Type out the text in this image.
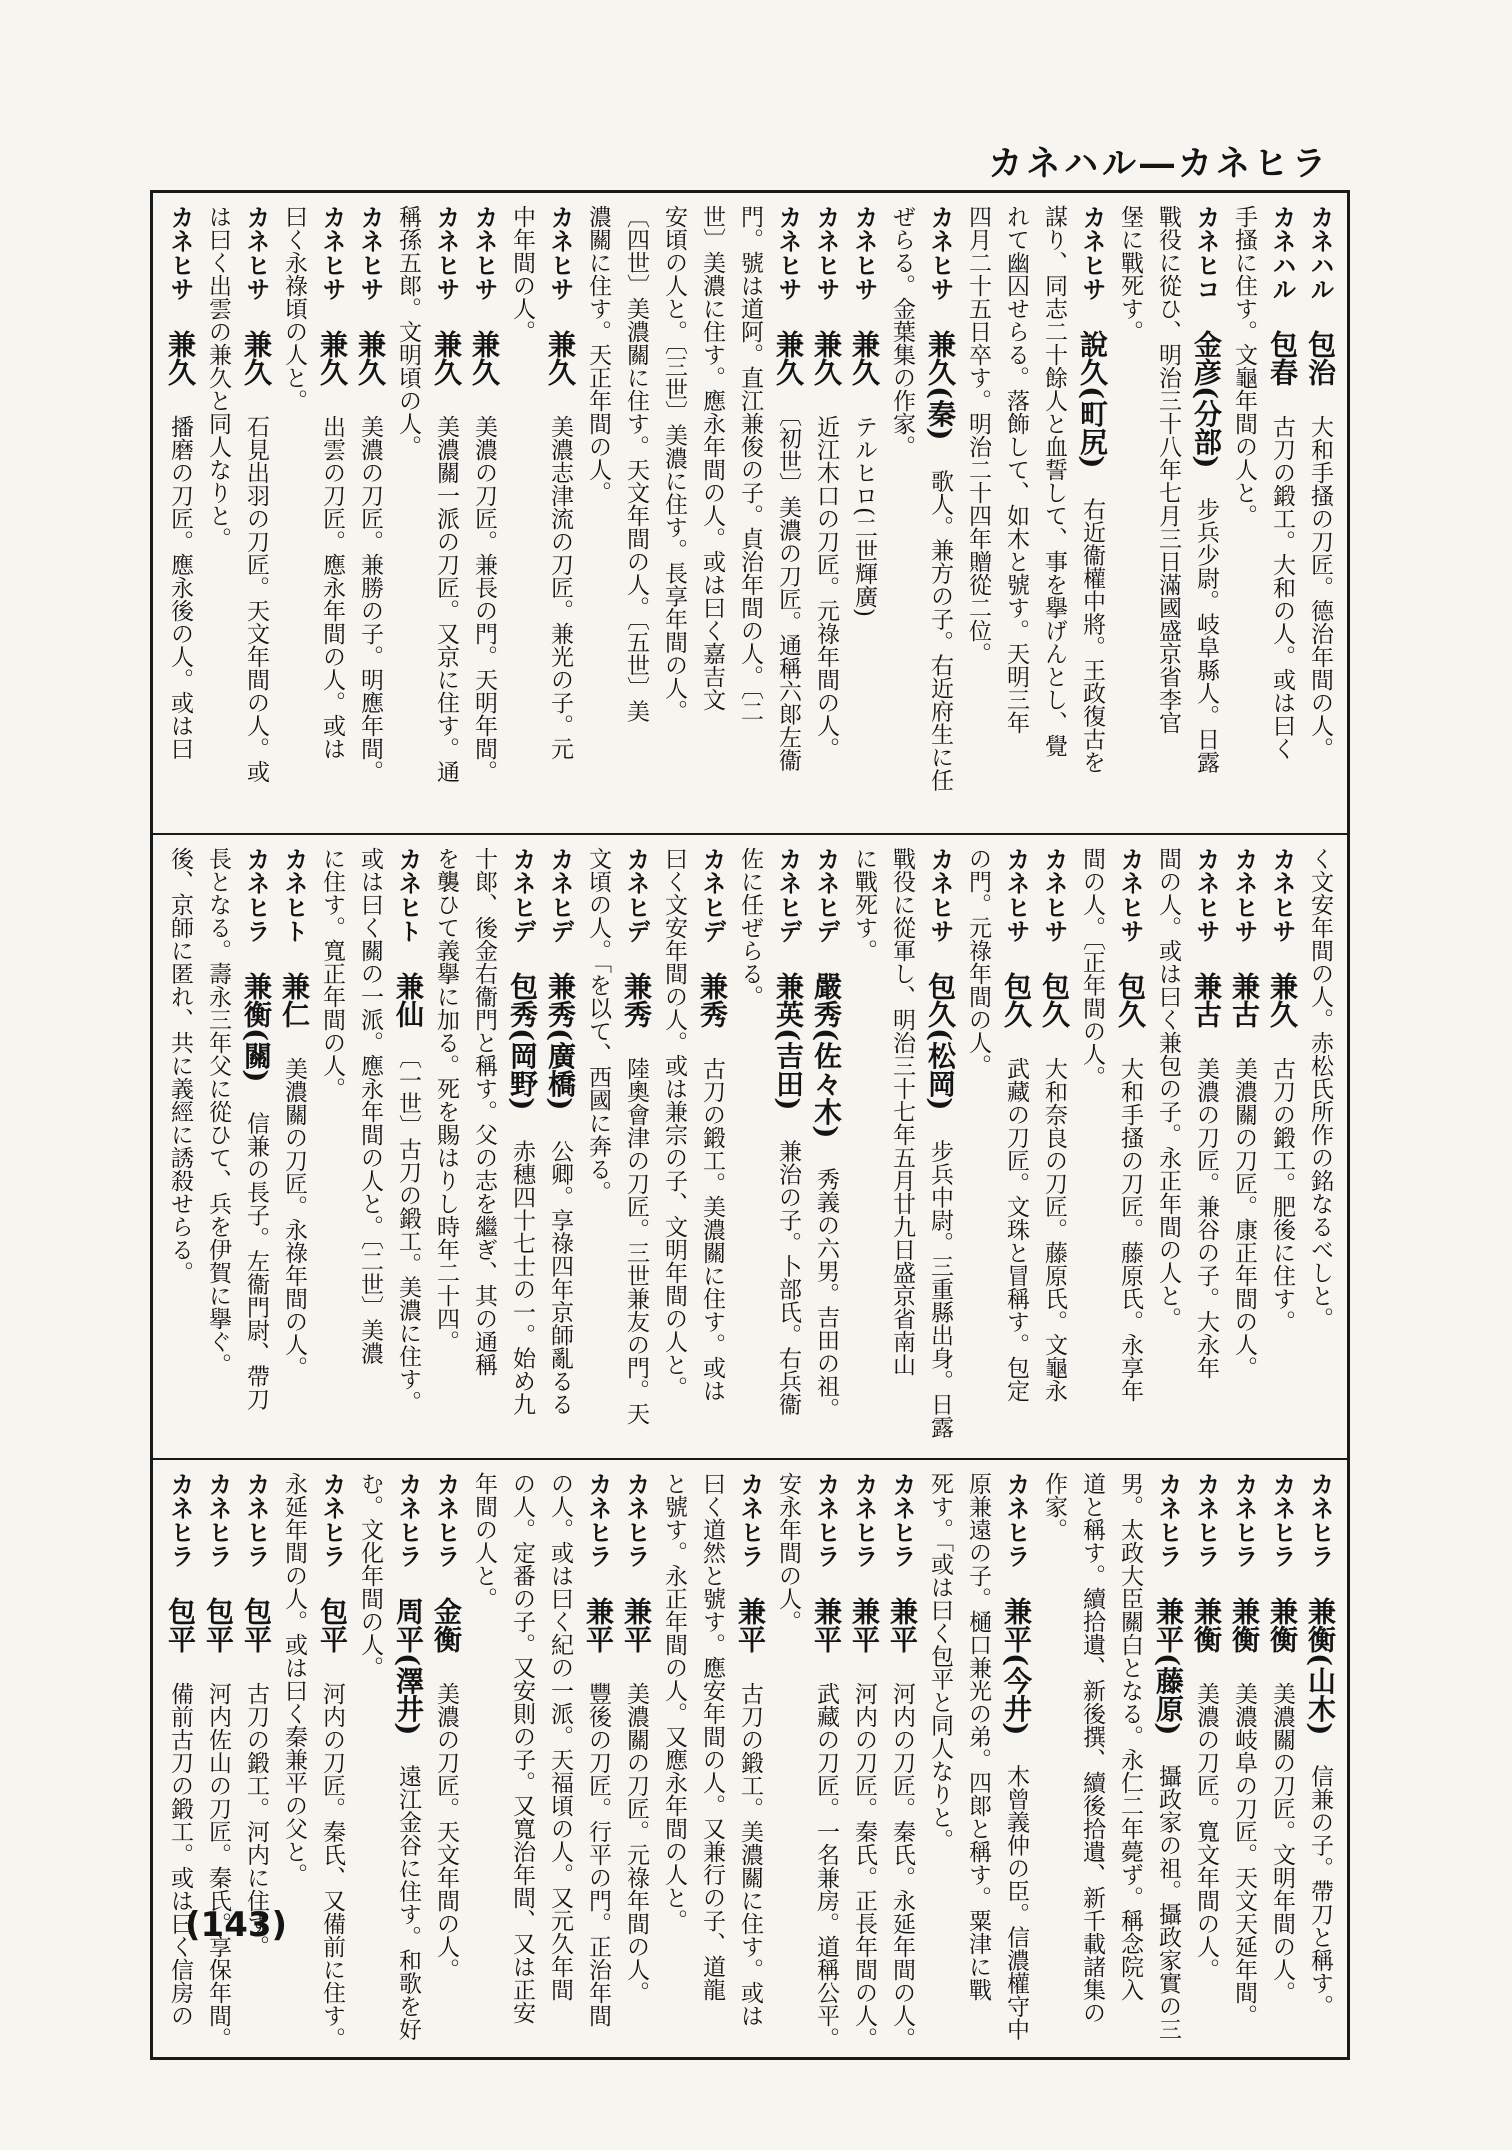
カネハル―カネヒラ
カネハル　包治　大和手搔の刀匠。德治年間の人。
カネハル　包春　古刀の鍛工。大和の人。或は曰く
手搔に住す。文龜年間の人と。
カネヒコ　金彦(分部)　步兵少尉。岐阜縣人。日露
戰役に從ひ、明治三十八年七月三日滿國盛京省李官
堡に戰死す。
カネヒサ　說久(町尻)　右近衞權中將。王政復古を
謀り、同志二十餘人と血誓して、事を擧げんとし、覺
れて幽囚せらる。落飾して、如木と號す。天明三年
四月二十五日卒す。明治二十四年贈從二位。
カネヒサ　兼久(秦)　歌人。兼方の子。右近府生に任
ぜらる。金葉集の作家。
カネヒサ　兼久　テルヒロ(二世輝廣)
カネヒサ　兼久　近江木口の刀匠。元祿年間の人。
カネヒサ　兼久　〔初世〕美濃の刀匠。通稱六郞左衞
門。號は道阿。直江兼俊の子。貞治年間の人。〔二
世〕美濃に住す。應永年間の人。或は曰く嘉吉文
安頃の人と。〔三世〕美濃に住す。長享年間の人。
〔四世〕美濃關に住す。天文年間の人。〔五世〕美
濃關に住す。天正年間の人。
カネヒサ　兼久　美濃志津流の刀匠。兼光の子。元
中年間の人。
カネヒサ　兼久　美濃の刀匠。兼長の門。天明年間。
カネヒサ　兼久　美濃關一派の刀匠。又京に住す。通
稱孫五郞。文明頃の人。
カネヒサ　兼久　美濃の刀匠。兼勝の子。明應年間。
カネヒサ　兼久　出雲の刀匠。應永年間の人。或は
曰く永祿頃の人と。
カネヒサ　兼久　石見出羽の刀匠。天文年間の人。或
は曰く出雲の兼久と同人なりと。
カネヒサ　兼久　播磨の刀匠。應永後の人。或は曰
く文安年間の人。赤松氏所作の銘なるべしと。
カネヒサ　兼久　古刀の鍛工。肥後に住す。
カネヒサ　兼古　美濃關の刀匠。康正年間の人。
カネヒサ　兼古　美濃の刀匠。兼谷の子。大永年
間の人。或は曰く兼包の子。永正年間の人と。
カネヒサ　包久　大和手搔の刀匠。藤原氏。永享年
間の人。〔正年間の人。
カネヒサ　包久　大和奈良の刀匠。藤原氏。文龜永
カネヒサ　包久　武藏の刀匠。文珠と冒稱す。包定
の門。元祿年間の人。
カネヒサ　包久(松岡)　步兵中尉。三重縣出身。日露
戰役に從軍し、明治三十七年五月廿九日盛京省南山
に戰死す。
カネヒデ　嚴秀(佐々木)　秀義の六男。吉田の祖。
カネヒデ　兼英(吉田)　兼治の子。卜部氏。右兵衞
佐に任ぜらる。
カネヒデ　兼秀　古刀の鍛工。美濃關に住す。或は
曰く文安年間の人。或は兼宗の子、文明年間の人と。
カネヒデ　兼秀　陸奧會津の刀匠。三世兼友の門。天
文頃の人。「を以て、西國に奔る。
カネヒデ　兼秀(廣橋)　公卿。享祿四年京師亂るる
カネヒデ　包秀(岡野)　赤穗四十七士の一。始め九
十郞、後金右衞門と稱す。父の志を繼ぎ、其の通稱
を襲ひて義擧に加る。死を賜はりし時年二十四。
カネヒト　兼仙　〔一世〕古刀の鍛工。美濃に住す。
或は曰く關の一派。應永年間の人と。〔二世〕美濃
に住す。寬正年間の人。
カネヒト　兼仁　美濃關の刀匠。永祿年間の人。
カネヒラ　兼衡(關)　信兼の長子。左衞門尉、帶刀
長となる。壽永三年父に從ひて、兵を伊賀に擧ぐ。
後、京師に匿れ、共に義經に誘殺せらる。
カネヒラ　兼衡(山木)　信兼の子。帶刀と稱す。
カネヒラ　兼衡　美濃關の刀匠。文明年間の人。
カネヒラ　兼衡　美濃岐阜の刀匠。天文天延年間。
カネヒラ　兼衡　美濃の刀匠。寬文年間の人。
カネヒラ　兼平(藤原)　攝政家の祖。攝政家實の三
男。太政大臣關白となる。永仁二年薨ず。稱念院入
道と稱す。續拾遺、新後撰、續後拾遺、新千載諸集の
作家。
カネヒラ　兼平(今井)　木曾義仲の臣。信濃權守中
原兼遠の子。樋口兼光の弟。四郞と稱す。粟津に戰
死す。「或は曰く包平と同人なりと。
カネヒラ　兼平　河内の刀匠。秦氏。永延年間の人。
カネヒラ　兼平　河内の刀匠。秦氏。正長年間の人。
カネヒラ　兼平　武藏の刀匠。一名兼房。道稱公平。
安永年間の人。
カネヒラ　兼平　古刀の鍛工。美濃關に住す。或は
曰く道然と號す。應安年間の人。又兼行の子、道龍
と號す。永正年間の人。又應永年間の人と。
カネヒラ　兼平　美濃關の刀匠。元祿年間の人。
カネヒラ　兼平　豐後の刀匠。行平の門。正治年間
の人。或は曰く紀の一派。天福頃の人。又元久年間
の人。定番の子。又安則の子。又寬治年間、又は正安
年間の人と。
カネヒラ　金衡　美濃の刀匠。天文年間の人。
カネヒラ　周平(澤井)　遠江金谷に住す。和歌を好
む。文化年間の人。
カネヒラ　包平　河内の刀匠。秦氏、又備前に住す。
永延年間の人。或は曰く秦兼平の父と。
カネヒラ　包平　古刀の鍛工。河内に住す。
カネヒラ　包平　河内佐山の刀匠。秦氏。享保年間。
カネヒラ　包平　備前古刀の鍛工。或は曰く信房の
(143)
